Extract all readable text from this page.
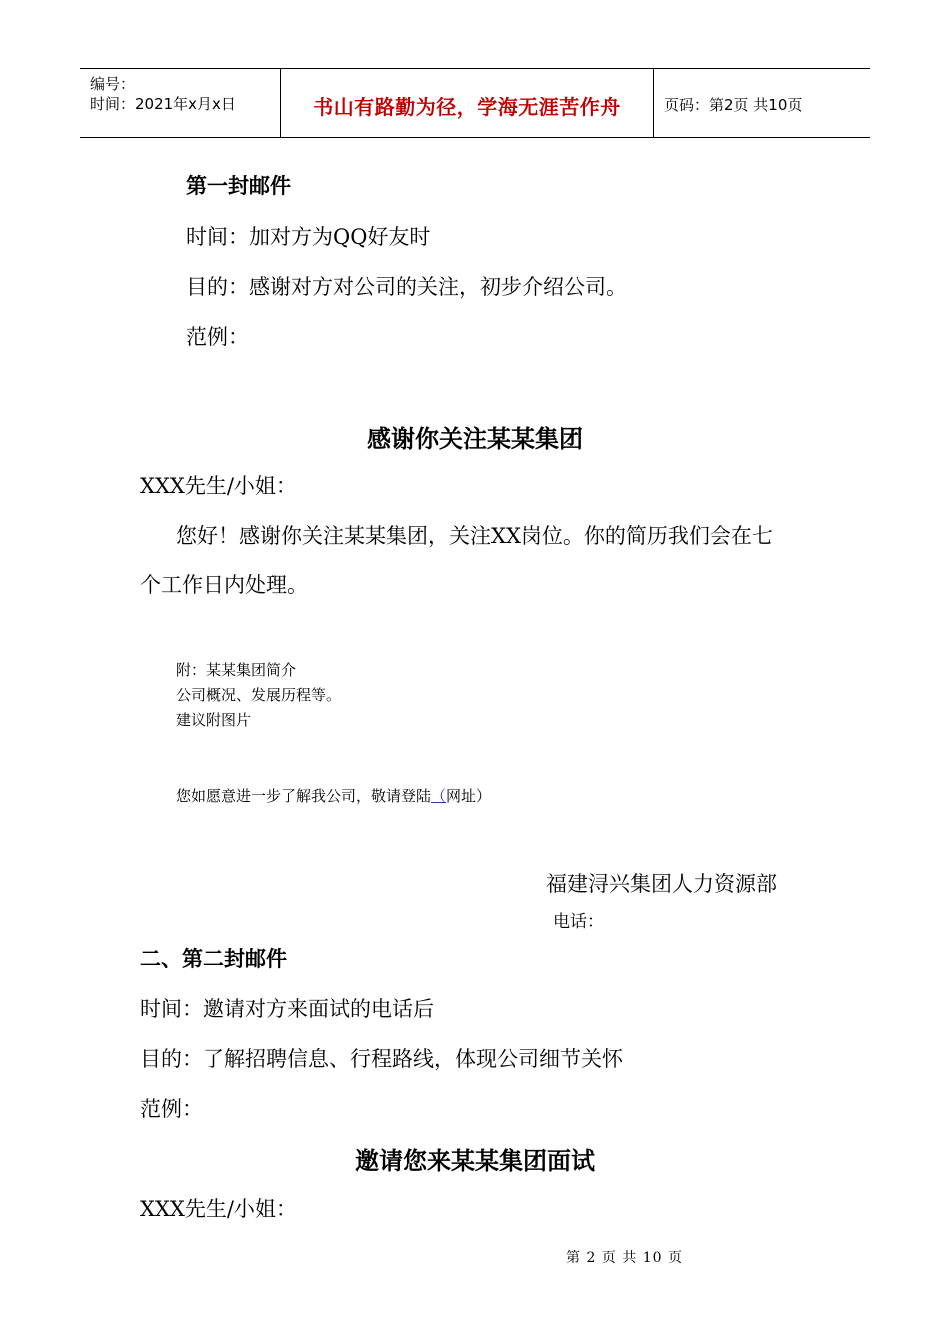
编号：
时间：2021年x月x日	书山有路勤为径，学海无涯苦作舟	页码：第2页 共10页
第一封邮件
时间：加对方为QQ好友时
目的：感谢对方对公司的关注，初步介绍公司。
范例：
感谢你关注某某集团
XXX先生/小姐：
您好！感谢你关注某某集团，关注XX岗位。你的简历我们会在七
个工作日内处理。
附：某某集团简介
公司概况、发展历程等。
建议附图片
您如愿意进一步了解我公司，敬请登陆（网址）
福建浔兴集团人力资源部
电话：
二、第二封邮件
时间：邀请对方来面试的电话后
目的：了解招聘信息、行程路线，体现公司细节关怀
范例：
邀请您来某某集团面试
XXX先生/小姐：
第 2 页 共 10 页
